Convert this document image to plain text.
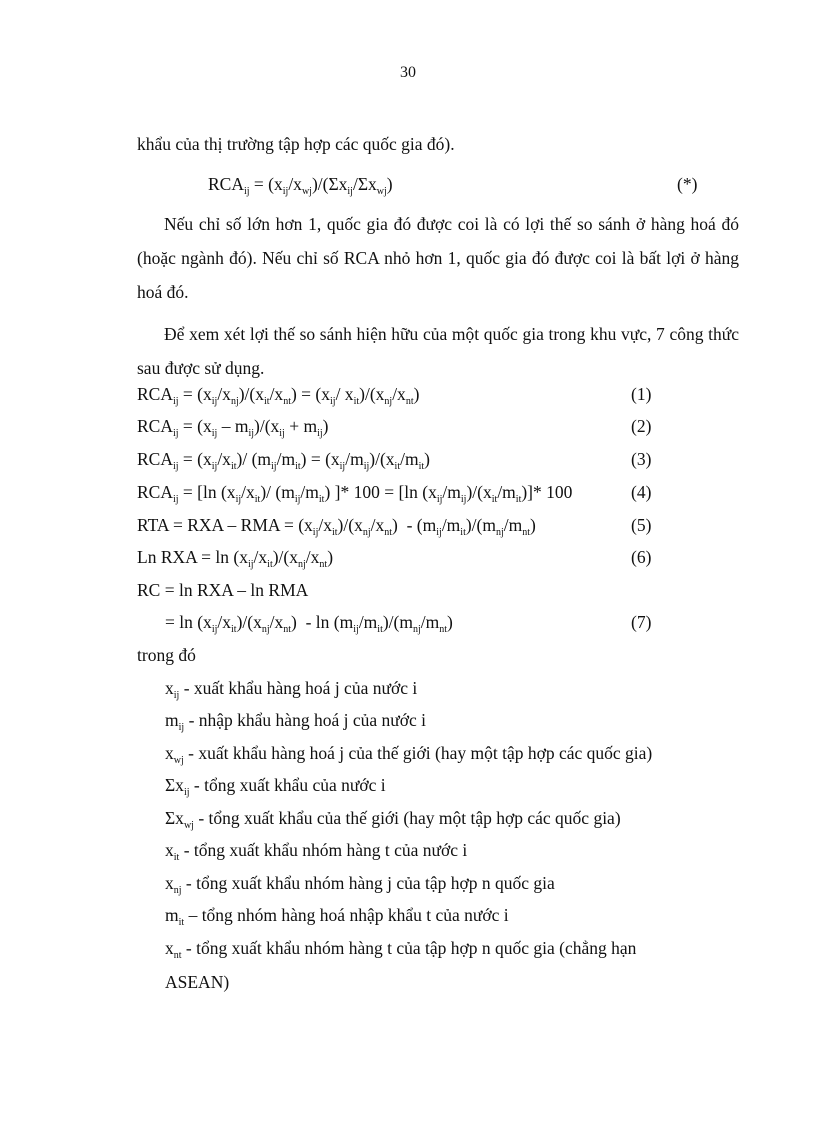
30
khẩu của thị trường tập hợp các quốc gia đó).
$RCA_{ij} = (x_{ij}/x_{wj})/(\Sigma x_{ij}/\Sigma x_{wj})$	(*)

Nếu chỉ số lớn hơn 1, quốc gia đó được coi là có lợi thế so sánh ở hàng hoá đó (hoặc ngành đó). Nếu chỉ số RCA nhỏ hơn 1, quốc gia đó được coi là bất lợi ở hàng hoá đó.

Để xem xét lợi thế so sánh hiện hữu của một quốc gia trong khu vực, 7 công thức sau được sử dụng.

$RCA_{ij} = (x_{ij}/x_{nj})/(x_{it}/x_{nt}) = (x_{ij}/$ $x_{it})/(x_{nj}/x_{nt})$	(1)
$RCA_{ij} = (x_{ij} - m_{ij})/(x_{ij} + m_{ij})$	(2)
$RCA_{ij} = (x_{ij}/x_{it})/$ $(m_{ij}/m_{it}) = (x_{ij}/m_{ij})/(x_{it}/m_{it})$	(3)
$RCA_{ij} = [\ln$ $(x_{ij}/x_{it})/$ $(m_{ij}/m_{it})$ ]* 100 = [ln $(x_{ij}/m_{ij})/(x_{it}/m_{it})]*$ 100	(4)
RTA = RXA – RMA = $(x_{ij}/x_{it})/(x_{nj}/x_{nt}) - (m_{ij}/m_{it})/(m_{nj}/m_{nt})$	(5)
Ln RXA = $\ln (x_{ij}/x_{it})/(x_{nj}/x_{nt})$	(6)
RC = ln RXA – ln RMA
= $\ln (x_{ij}/x_{it})/(x_{nj}/x_{nt})$  - $\ln (m_{ij}/m_{it})/(m_{nj}/m_{nt})$	(7)
trong đó
$x_{ij}$ - xuất khẩu hàng hoá j của nước i
$m_{ij}$ - nhập khẩu hàng hoá j của nước i
$x_{wj}$ - xuất khẩu hàng hoá j của thế giới (hay một tập hợp các quốc gia)
$\Sigma x_{ij}$ - tổng xuất khẩu của nước i
$\Sigma x_{wj}$ - tổng xuất khẩu của thế giới (hay một tập hợp các quốc gia)
$x_{it}$ - tổng xuất khẩu nhóm hàng t của nước i
$x_{nj}$ - tổng xuất khẩu nhóm hàng j của tập hợp n quốc gia
$m_{it}$ – tổng nhóm hàng hoá nhập khẩu t của nước i

$x_{nt}$ - tổng xuất khẩu nhóm hàng t của tập hợp n quốc gia (chẳng hạn
ASEAN)
